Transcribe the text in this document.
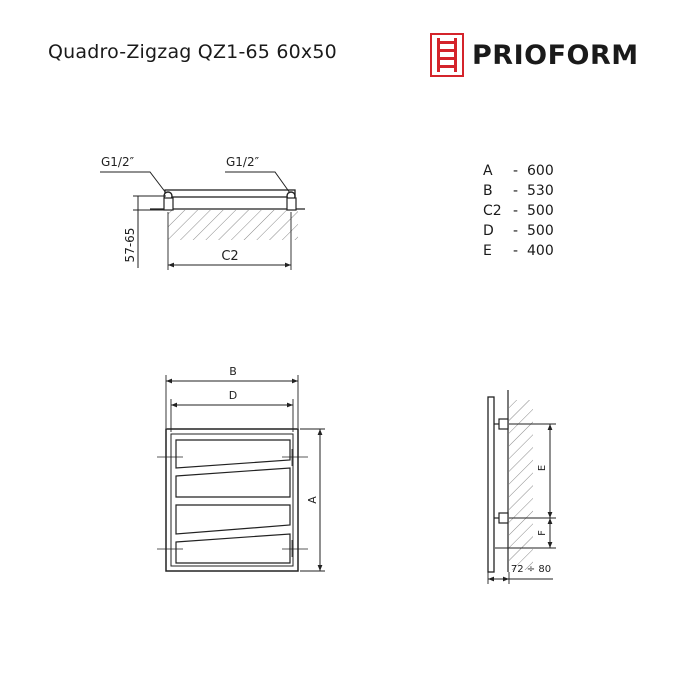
Quadro-Zigzag QZ1-65 60x50	PRIOFORM
A	- 600
B	- 530
C2 - 500
D	- 500
E	- 400
G1/2″	G1/2″
57-65	C2
B
D
A
E
F
72 ÷ 80
